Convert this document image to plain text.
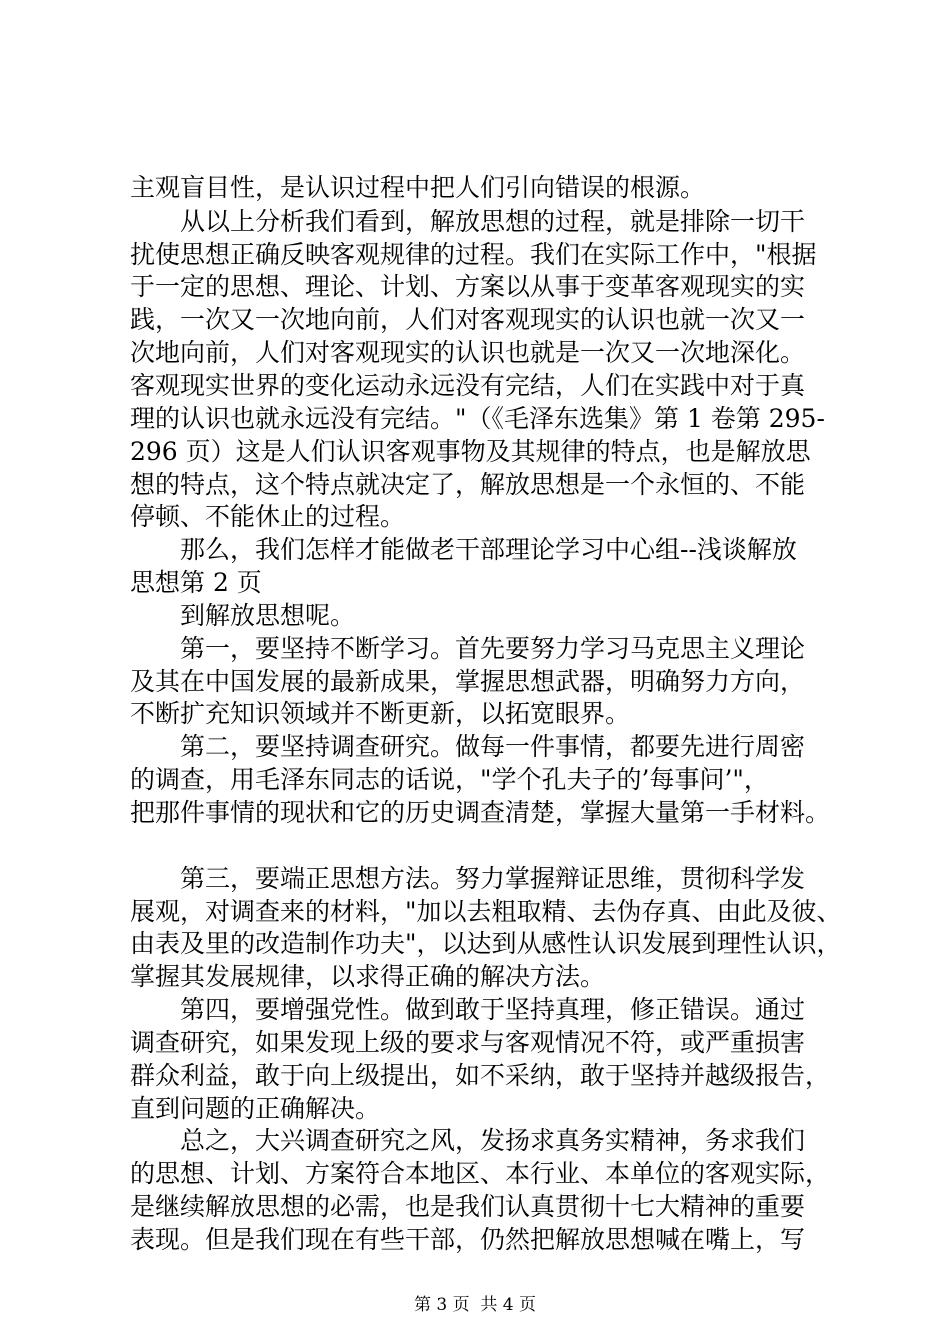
主观盲目性，是认识过程中把人们引向错误的根源。
　　从以上分析我们看到，解放思想的过程，就是排除一切干
扰使思想正确反映客观规律的过程。我们在实际工作中，"根据
于一定的思想、理论、计划、方案以从事于变革客观现实的实
践，一次又一次地向前，人们对客观现实的认识也就一次又一
次地向前，人们对客观现实的认识也就是一次又一次地深化。
客观现实世界的变化运动永远没有完结，人们在实践中对于真
理的认识也就永远没有完结。"（《毛泽东选集》第 1 卷第 295-
296 页）这是人们认识客观事物及其规律的特点，也是解放思
想的特点，这个特点就决定了，解放思想是一个永恒的、不能
停顿、不能休止的过程。
　　那么，我们怎样才能做老干部理论学习中心组--浅谈解放
思想第 2 页
　　到解放思想呢。
　　第一，要坚持不断学习。首先要努力学习马克思主义理论
及其在中国发展的最新成果，掌握思想武器，明确努力方向，
不断扩充知识领域并不断更新，以拓宽眼界。
　　第二，要坚持调查研究。做每一件事情，都要先进行周密
的调查，用毛泽东同志的话说，"学个孔夫子的’每事问’"，
把那件事情的现状和它的历史调查清楚，掌握大量第一手材料。
　　第三，要端正思想方法。努力掌握辩证思维，贯彻科学发
展观，对调查来的材料，"加以去粗取精、去伪存真、由此及彼、
由表及里的改造制作功夫"，以达到从感性认识发展到理性认识，
掌握其发展规律，以求得正确的解决方法。
　　第四，要增强党性。做到敢于坚持真理，修正错误。通过
调查研究，如果发现上级的要求与客观情况不符，或严重损害
群众利益，敢于向上级提出，如不采纳，敢于坚持并越级报告，
直到问题的正确解决。
　　总之，大兴调查研究之风，发扬求真务实精神，务求我们
的思想、计划、方案符合本地区、本行业、本单位的客观实际，
是继续解放思想的必需，也是我们认真贯彻十七大精神的重要
表现。但是我们现在有些干部，仍然把解放思想喊在嘴上，写
第 3 页  共 4 页
